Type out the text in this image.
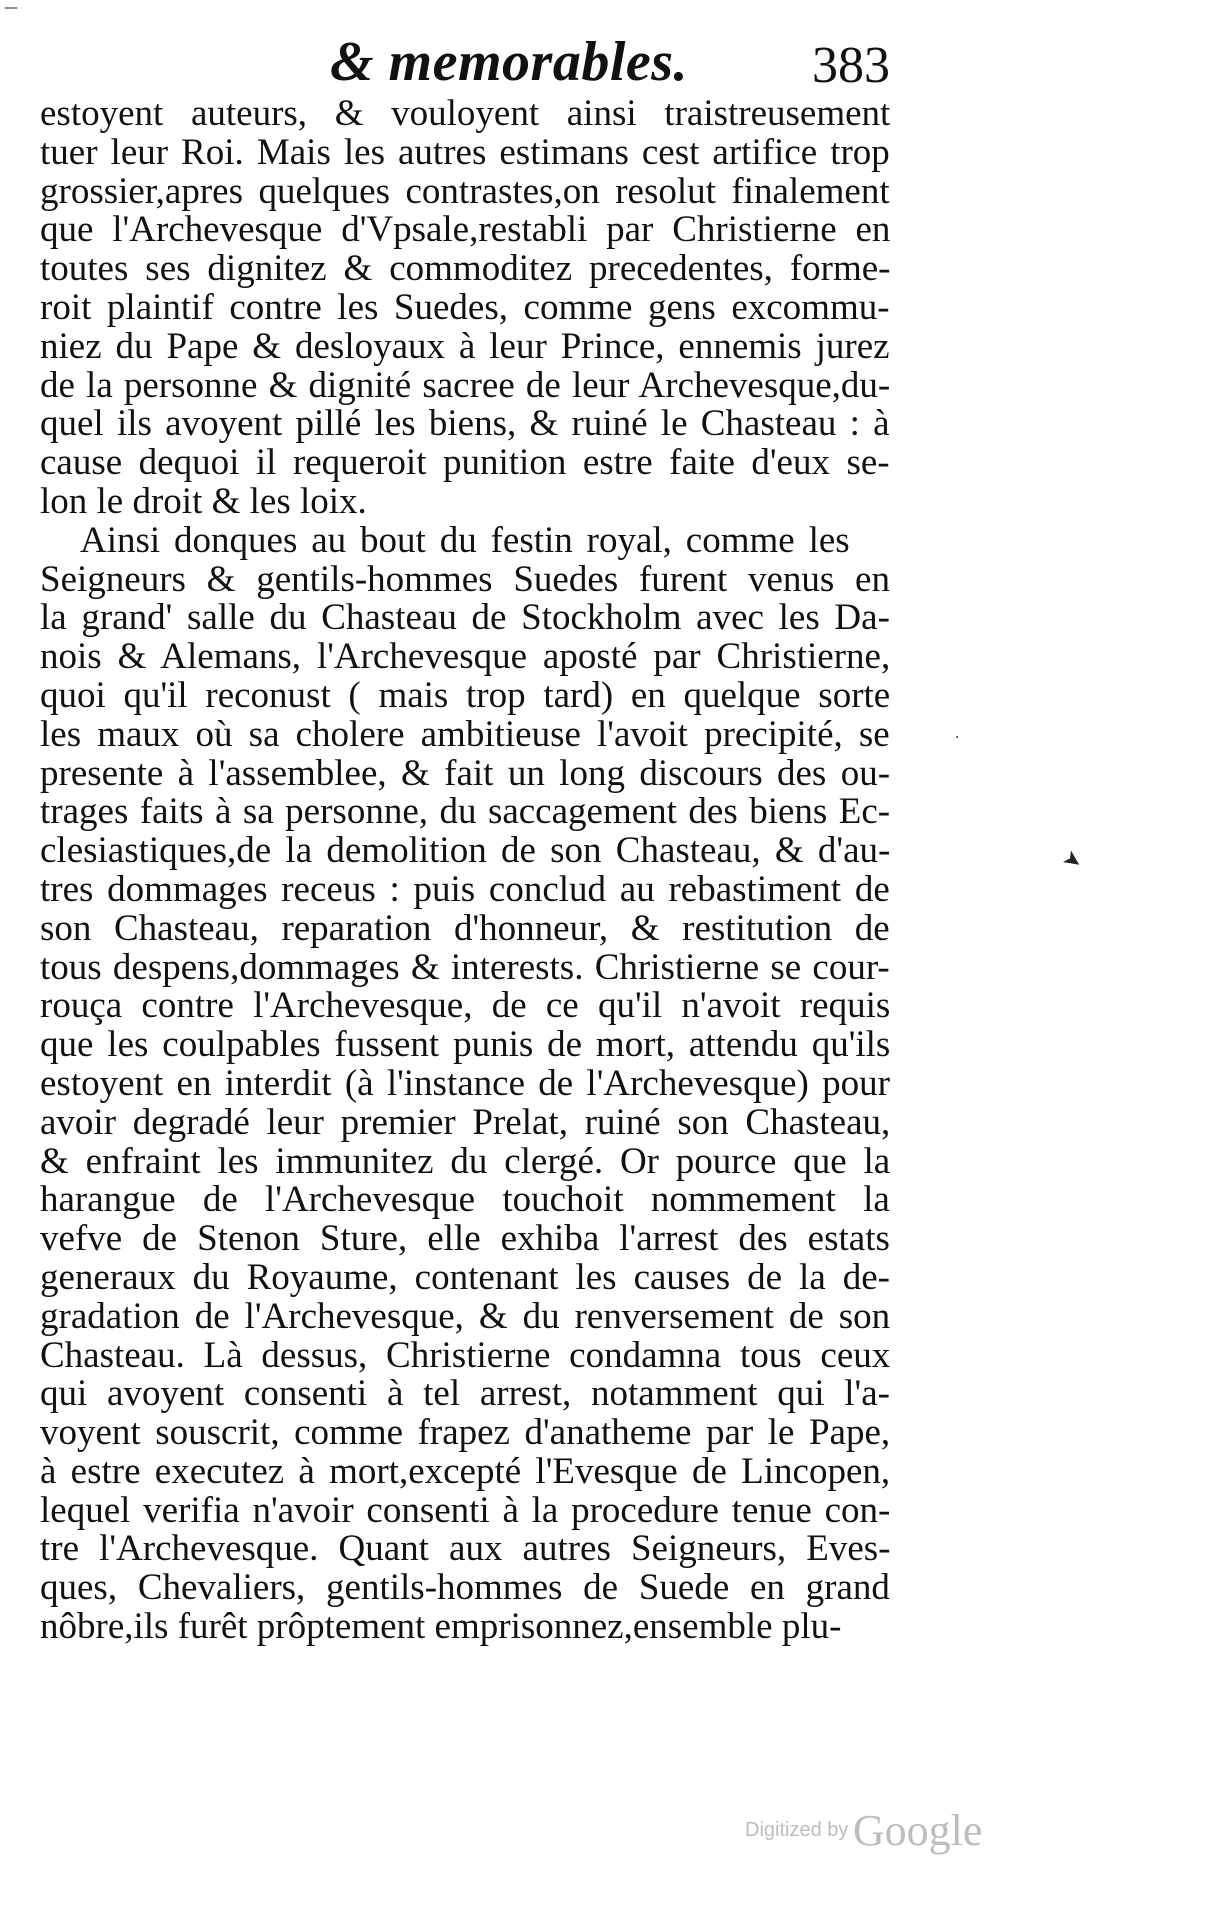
& memorables. 383
estoyent auteurs, & vouloyent ainsi traistreusement
tuer leur Roi. Mais les autres estimans cest artifice trop
grossier,apres quelques contrastes,on resolut finalement
que l'Archevesque d'Vpsale,restabli par Christierne en
toutes ses dignitez & commoditez precedentes, forme-
roit plaintif contre les Suedes, comme gens excommu-
niez du Pape & desloyaux à leur Prince, ennemis jurez
de la personne & dignité sacree de leur Archevesque,du-
quel ils avoyent pillé les biens, & ruiné le Chasteau : à
cause dequoi il requeroit punition estre faite d'eux se-
lon le droit & les loix.
Ainsi donques au bout du festin royal, comme les
Seigneurs & gentils-hommes Suedes furent venus en
la grand' salle du Chasteau de Stockholm avec les Da-
nois & Alemans, l'Archevesque aposté par Christierne,
quoi qu'il reconust ( mais trop tard) en quelque sorte
les maux où sa cholere ambitieuse l'avoit precipité, se
presente à l'assemblee, & fait un long discours des ou-
trages faits à sa personne, du saccagement des biens Ec-
clesiastiques,de la demolition de son Chasteau, & d'au-
tres dommages receus : puis conclud au rebastiment de
son Chasteau, reparation d'honneur, & restitution de
tous despens,dommages & interests. Christierne se cour-
rouça contre l'Archevesque, de ce qu'il n'avoit requis
que les coulpables fussent punis de mort, attendu qu'ils
estoyent en interdit (à l'instance de l'Archevesque) pour
avoir degradé leur premier Prelat, ruiné son Chasteau,
& enfraint les immunitez du clergé. Or pource que la
harangue de l'Archevesque touchoit nommement la
vefve de Stenon Sture, elle exhiba l'arrest des estats
generaux du Royaume, contenant les causes de la de-
gradation de l'Archevesque, & du renversement de son
Chasteau. Là dessus, Christierne condamna tous ceux
qui avoyent consenti à tel arrest, notamment qui l'a-
voyent souscrit, comme frapez d'anatheme par le Pape,
à estre executez à mort,excepté l'Evesque de Lincopen,
lequel verifia n'avoir consenti à la procedure tenue con-
tre l'Archevesque. Quant aux autres Seigneurs, Eves-
ques, Chevaliers, gentils-hommes de Suede en grand
nôbre,ils furêt prôptement emprisonnez,ensemble plu-
—
➤
·
Digitized by Google
